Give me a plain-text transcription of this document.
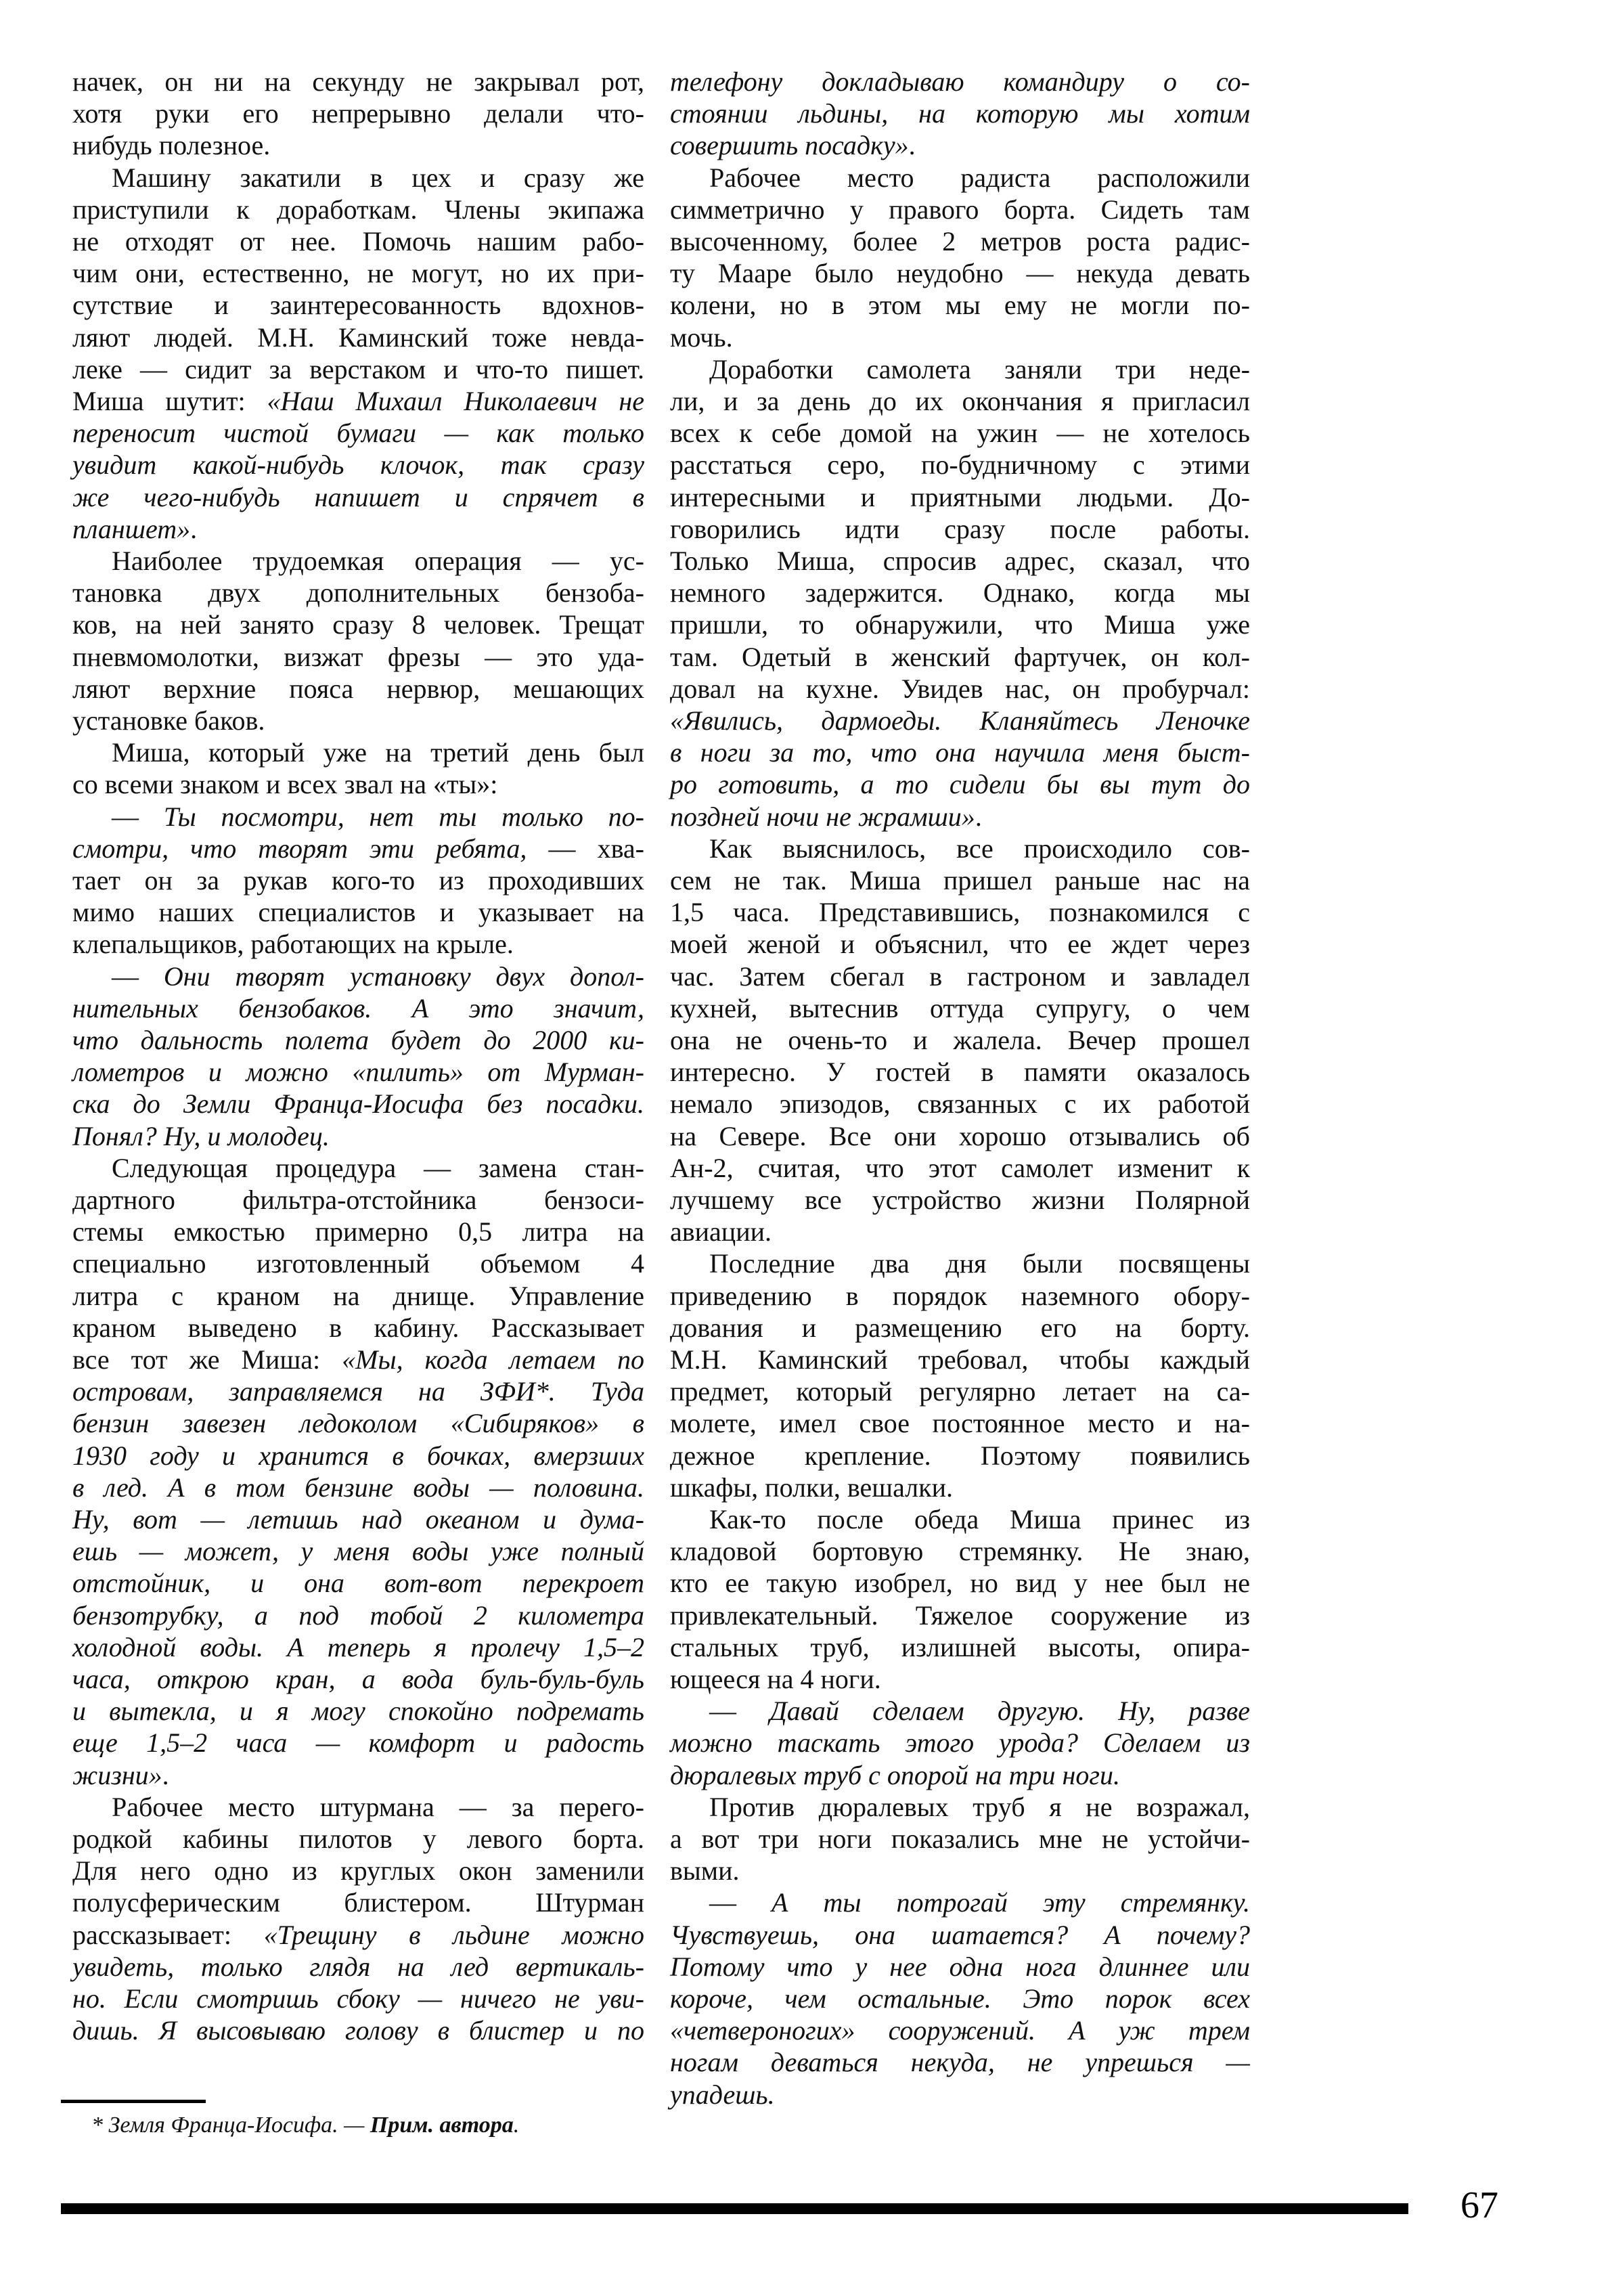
начек, он ни на секунду не закрывал рот,
хотя руки его непрерывно делали что-
нибудь полезное.
Машину закатили в цех и сразу же
приступили к доработкам. Члены экипажа
не отходят от нее. Помочь нашим рабо-
чим они, естественно, не могут, но их при-
сутствие и заинтересованность вдохнов-
ляют людей. М.Н. Каминский тоже невда-
леке — сидит за верстаком и что-то пишет.
Миша шутит: «Наш Михаил Николаевич не
переносит чистой бумаги — как только
увидит какой-нибудь клочок, так сразу
же чего-нибудь напишет и спрячет в
планшет».
Наиболее трудоемкая операция — ус-
тановка двух дополнительных бензоба-
ков, на ней занято сразу 8 человек. Трещат
пневмомолотки, визжат фрезы — это уда-
ляют верхние пояса нервюр, мешающих
установке баков.
Миша, который уже на третий день был
со всеми знаком и всех звал на «ты»:
— Ты посмотри, нет ты только по-
смотри, что творят эти ребята, — хва-
тает он за рукав кого-то из проходивших
мимо наших специалистов и указывает на
клепальщиков, работающих на крыле.
— Они творят установку двух допол-
нительных бензобаков. А это значит,
что дальность полета будет до 2000 ки-
лометров и можно «пилить» от Мурман-
ска до Земли Франца-Иосифа без посадки.
Понял? Ну, и молодец.
Следующая процедура — замена стан-
дартного фильтра-отстойника бензоси-
стемы емкостью примерно 0,5 литра на
специально изготовленный объемом 4
литра с краном на днище. Управление
краном выведено в кабину. Рассказывает
все тот же Миша: «Мы, когда летаем по
островам, заправляемся на ЗФИ*. Туда
бензин завезен ледоколом «Сибиряков» в
1930 году и хранится в бочках, вмерзших
в лед. А в том бензине воды — половина.
Ну, вот — летишь над океаном и дума-
ешь — может, у меня воды уже полный
отстойник, и она вот-вот перекроет
бензотрубку, а под тобой 2 километра
холодной воды. А теперь я пролечу 1,5–2
часа, открою кран, а вода буль-буль-буль
и вытекла, и я могу спокойно подремать
еще 1,5–2 часа — комфорт и радость
жизни».
Рабочее место штурмана — за перего-
родкой кабины пилотов у левого борта.
Для него одно из круглых окон заменили
полусферическим блистером. Штурман
рассказывает: «Трещину в льдине можно
увидеть, только глядя на лед вертикаль-
но. Если смотришь сбоку — ничего не уви-
дишь. Я высовываю голову в блистер и по
телефону докладываю командиру о со-
стоянии льдины, на которую мы хотим
совершить посадку».
Рабочее место радиста расположили
симметрично у правого борта. Сидеть там
высоченному, более 2 метров роста радис-
ту Мааре было неудобно — некуда девать
колени, но в этом мы ему не могли по-
мочь.
Доработки самолета заняли три неде-
ли, и за день до их окончания я пригласил
всех к себе домой на ужин — не хотелось
расстаться серо, по-будничному с этими
интересными и приятными людьми. До-
говорились идти сразу после работы.
Только Миша, спросив адрес, сказал, что
немного задержится. Однако, когда мы
пришли, то обнаружили, что Миша уже
там. Одетый в женский фартучек, он кол-
довал на кухне. Увидев нас, он пробурчал:
«Явились, дармоеды. Кланяйтесь Леночке
в ноги за то, что она научила меня быст-
ро готовить, а то сидели бы вы тут до
поздней ночи не жрамши».
Как выяснилось, все происходило сов-
сем не так. Миша пришел раньше нас на
1,5 часа. Представившись, познакомился с
моей женой и объяснил, что ее ждет через
час. Затем сбегал в гастроном и завладел
кухней, вытеснив оттуда супругу, о чем
она не очень-то и жалела. Вечер прошел
интересно. У гостей в памяти оказалось
немало эпизодов, связанных с их работой
на Севере. Все они хорошо отзывались об
Ан-2, считая, что этот самолет изменит к
лучшему все устройство жизни Полярной
авиации.
Последние два дня были посвящены
приведению в порядок наземного обору-
дования и размещению его на борту.
М.Н. Каминский требовал, чтобы каждый
предмет, который регулярно летает на са-
молете, имел свое постоянное место и на-
дежное крепление. Поэтому появились
шкафы, полки, вешалки.
Как-то после обеда Миша принес из
кладовой бортовую стремянку. Не знаю,
кто ее такую изобрел, но вид у нее был не
привлекательный. Тяжелое сооружение из
стальных труб, излишней высоты, опира-
ющееся на 4 ноги.
— Давай сделаем другую. Ну, разве
можно таскать этого урода? Сделаем из
дюралевых труб с опорой на три ноги.
Против дюралевых труб я не возражал,
а вот три ноги показались мне не устойчи-
выми.
— А ты потрогай эту стремянку.
Чувствуешь, она шатается? А почему?
Потому что у нее одна нога длиннее или
короче, чем остальные. Это порок всех
«четвероногих» сооружений. А уж трем
ногам деваться некуда, не упрешься —
упадешь.
* Земля Франца-Иосифа. — Прим. автора.
67
